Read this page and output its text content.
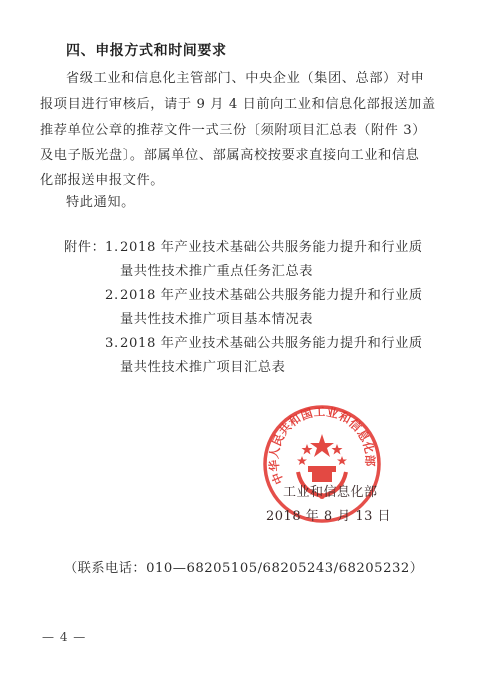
四、申报方式和时间要求
省级工业和信息化主管部门、中央企业（集团、总部）对申
报项目进行审核后，请于 9 月 4 日前向工业和信息化部报送加盖
推荐单位公章的推荐文件一式三份〔须附项目汇总表（附件 3）
及电子版光盘〕。部属单位、部属高校按要求直接向工业和信息
化部报送申报文件。
特此通知。
附件： 1. 2018 年产业技术基础公共服务能力提升和行业质
量共性技术推广重点任务汇总表
2. 2018 年产业技术基础公共服务能力提升和行业质
量共性技术推广项目基本情况表
3. 2018 年产业技术基础公共服务能力提升和行业质
量共性技术推广项目汇总表
中华人民共和国工业和信息化部
工业和信息化部
2018 年 8 月 13 日
（联系电话：010—68205105/68205243/68205232）
— 4 —
